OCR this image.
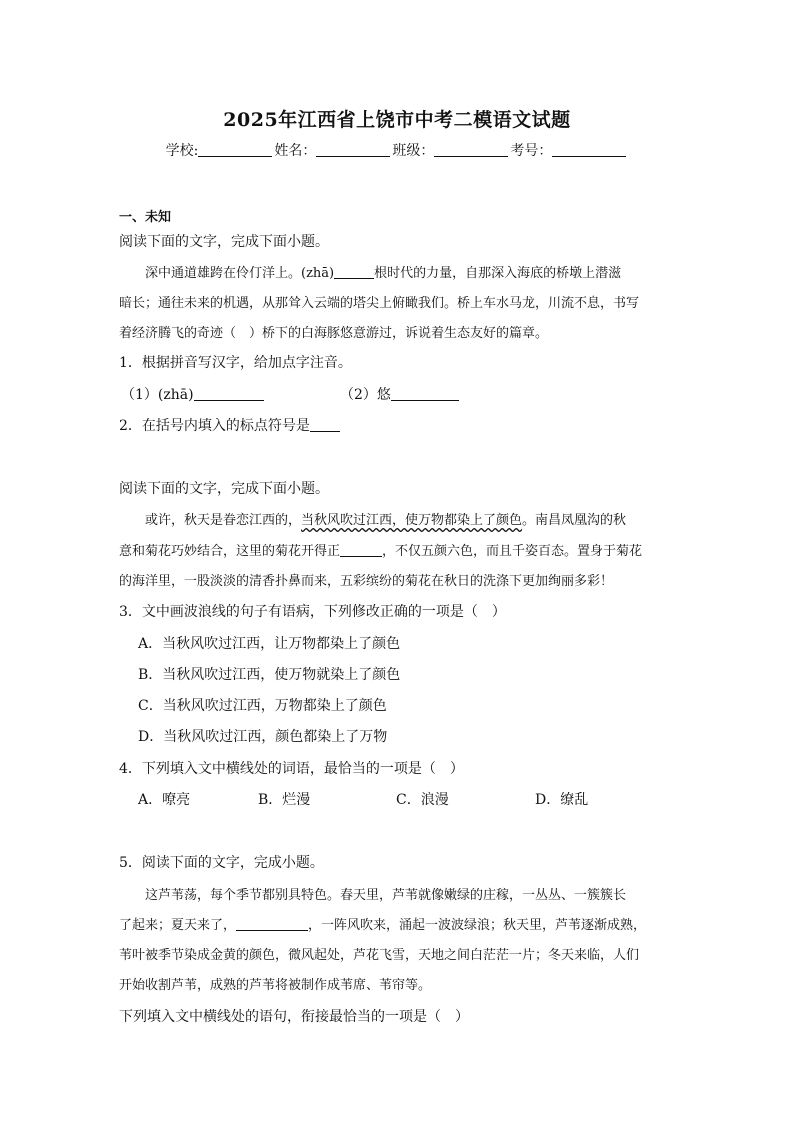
2025年江西省上饶市中考二模语文试题
学校:	姓名：	班级：	考号：
一、未知
阅读下面的文字，完成下面小题。
深中通道雄跨在伶仃洋上。(zhā)	根时代的力量，自那深入海底的桥墩上潜滋
暗长；通往未来的机遇，从那耸入云端的塔尖上俯瞰我们。桥上车水马龙，川流不息，书写
着经济腾飞的奇迹（　）桥下的白海豚悠意游过，诉说着生态友好的篇章。
1．根据拼音写汉字，给加点字注音。
（1）(zhā)	（2）悠
2．在括号内填入的标点符号是
阅读下面的文字，完成下面小题。
或许，秋天是眷恋江西的，当秋风吹过江西，使万物都染上了颜色。南昌凤凰沟的秋
意和菊花巧妙结合，这里的菊花开得正	，不仅五颜六色，而且千姿百态。置身于菊花
的海洋里，一股淡淡的清香扑鼻而来，五彩缤纷的菊花在秋日的洗涤下更加绚丽多彩！
3．文中画波浪线的句子有语病，下列修改正确的一项是（　）
A．当秋风吹过江西，让万物都染上了颜色
B．当秋风吹过江西，使万物就染上了颜色
C．当秋风吹过江西，万物都染上了颜色
D．当秋风吹过江西，颜色都染上了万物
4．下列填入文中横线处的词语，最恰当的一项是（　）
A．嘹亮	B．烂漫	C．浪漫	D．缭乱
5．阅读下面的文字，完成小题。
这芦苇荡，每个季节都别具特色。春天里，芦苇就像嫩绿的庄稼，一丛丛、一簇簇长
了起来；夏天来了，	，一阵风吹来，涌起一波波绿浪；秋天里，芦苇逐渐成熟，
苇叶被季节染成金黄的颜色，微风起处，芦花飞雪，天地之间白茫茫一片；冬天来临，人们
开始收割芦苇，成熟的芦苇将被制作成苇席、苇帘等。
下列填入文中横线处的语句，衔接最恰当的一项是（　）
